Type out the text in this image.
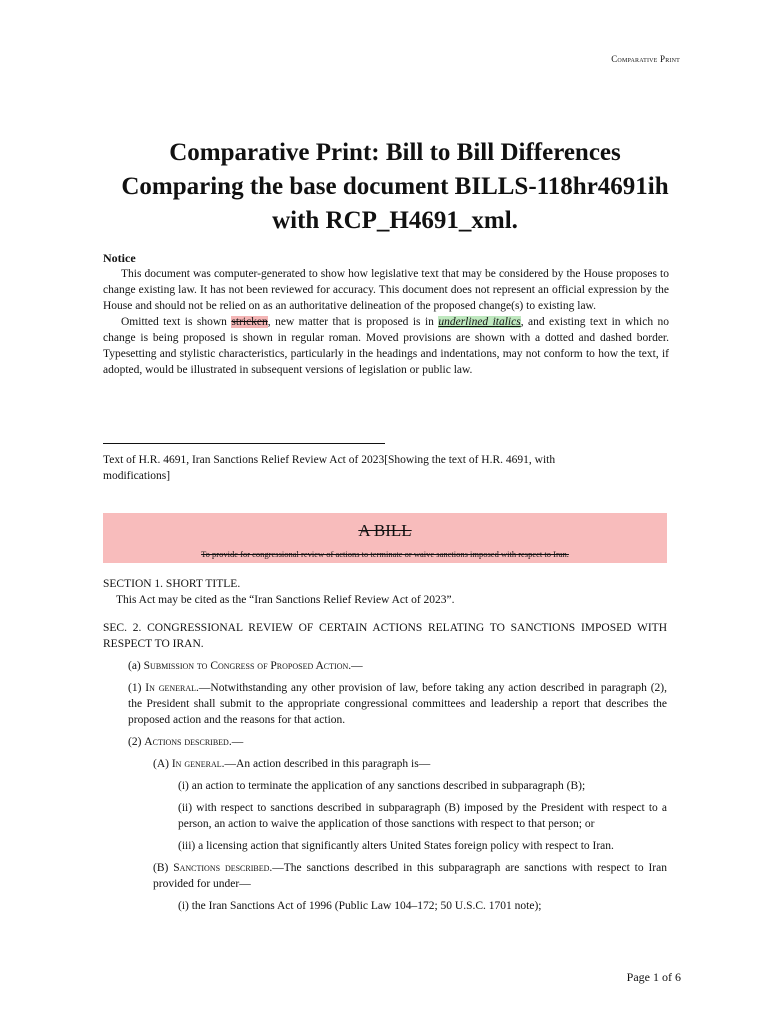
Comparative Print
Comparative Print: Bill to Bill Differences
Comparing the base document BILLS-118hr4691ih
with RCP_H4691_xml.
Notice

This document was computer-generated to show how legislative text that may be considered by the House proposes to change existing law. It has not been reviewed for accuracy. This document does not represent an official expression by the House and should not be relied on as an authoritative delineation of the proposed change(s) to existing law.

Omitted text is shown stricken, new matter that is proposed is in underlined italics, and existing text in which no change is being proposed is shown in regular roman. Moved provisions are shown with a dotted and dashed border. Typesetting and stylistic characteristics, particularly in the headings and indentations, may not conform to how the text, if adopted, would be illustrated in subsequent versions of legislation or public law.

Text of H.R. 4691, Iran Sanctions Relief Review Act of 2023[Showing the text of H.R. 4691, with modifications]
A BILL
To provide for congressional review of actions to terminate or waive sanctions imposed with respect to Iran.

SECTION 1. SHORT TITLE.

This Act may be cited as the “Iran Sanctions Relief Review Act of 2023”.

SEC. 2. CONGRESSIONAL REVIEW OF CERTAIN ACTIONS RELATING TO SANCTIONS IMPOSED WITH RESPECT TO IRAN.

(a) Submission to Congress of Proposed Action.—

(1) In general.—Notwithstanding any other provision of law, before taking any action described in paragraph (2), the President shall submit to the appropriate congressional committees and leadership a report that describes the proposed action and the reasons for that action.

(2) Actions described.—

(A) In general.—An action described in this paragraph is—

(i) an action to terminate the application of any sanctions described in subparagraph (B);

(ii) with respect to sanctions described in subparagraph (B) imposed by the President with respect to a person, an action to waive the application of those sanctions with respect to that person; or

(iii) a licensing action that significantly alters United States foreign policy with respect to Iran.

(B) Sanctions described.—The sanctions described in this subparagraph are sanctions with respect to Iran provided for under—

(i) the Iran Sanctions Act of 1996 (Public Law 104–172; 50 U.S.C. 1701 note);

Page 1 of 6
